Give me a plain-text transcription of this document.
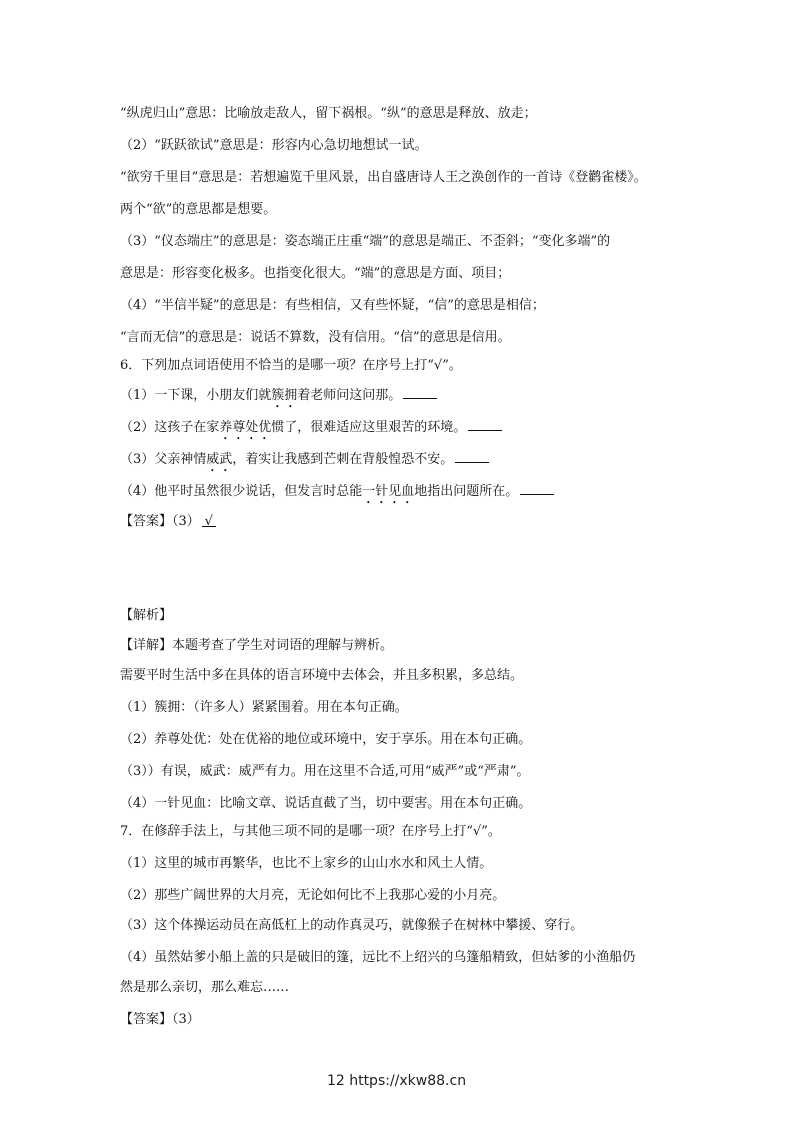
“纵虎归山”意思：比喻放走敌人，留下祸根。“纵”的意思是释放、放走；
（2）“跃跃欲试”意思是：形容内心急切地想试一试。
“欲穷千里目”意思是：若想遍览千里风景，出自盛唐诗人王之涣创作的一首诗《登鹳雀楼》。
两个“欲”的意思都是想要。
（3）“仪态端庄”的意思是：姿态端正庄重“端”的意思是端正、不歪斜；“变化多端”的
意思是：形容变化极多。也指变化很大。“端”的意思是方面、项目；
（4）“半信半疑”的意思是：有些相信，又有些怀疑，“信”的意思是相信；
“言而无信”的意思是：说话不算数，没有信用。“信”的意思是信用。
6．下列加点词语使用不恰当的是哪一项？在序号上打“√”。
（1）一下课，小朋友们就簇拥着老师问这问那。
（2）这孩子在家养尊处优惯了，很难适应这里艰苦的环境。
（3）父亲神情威武，着实让我感到芒刺在背般惶恐不安。
（4）他平时虽然很少说话，但发言时总能一针见血地指出问题所在。
【答案】（3） √
【解析】
【详解】本题考查了学生对词语的理解与辨析。
需要平时生活中多在具体的语言环境中去体会，并且多积累，多总结。
（1）簇拥：（许多人）紧紧围着。用在本句正确。
（2）养尊处优：处在优裕的地位或环境中，安于享乐。用在本句正确。
（3））有误，威武：威严有力。用在这里不合适,可用“威严”或“严肃”。
（4）一针见血：比喻文章、说话直截了当，切中要害。用在本句正确。
7．在修辞手法上，与其他三项不同的是哪一项？在序号上打“√”。
（1）这里的城市再繁华，也比不上家乡的山山水水和风土人情。
（2）那些广阔世界的大月亮，无论如何比不上我那心爱的小月亮。
（3）这个体操运动员在高低杠上的动作真灵巧，就像猴子在树林中攀援、穿行。
（4）虽然姑爹小船上盖的只是破旧的篷，远比不上绍兴的乌篷船精致，但姑爹的小渔船仍
然是那么亲切，那么难忘……
【答案】（3）
12 https://xkw88.cn
